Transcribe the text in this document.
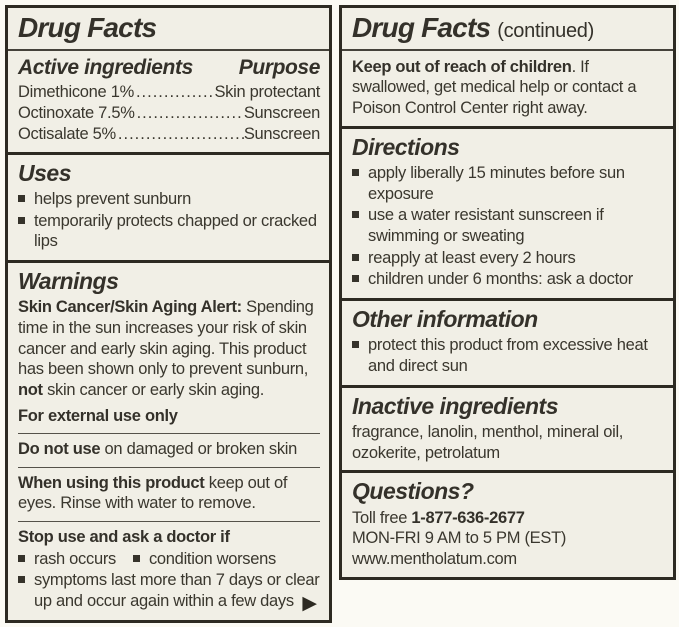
Drug Facts
Active ingredients Purpose
Dimethicone 1% .....	Skin protectant
Octinoxate 7.5% .....	Sunscreen
Octisalate 5% .....	Sunscreen
Uses
helps prevent sunburn
temporarily protects chapped or cracked lips
Warnings

Skin Cancer/Skin Aging Alert: Spending time in the sun increases your risk of skin cancer and early skin aging. This product has been shown only to prevent sunburn, not skin cancer or early skin aging.

For external use only

Do not use on damaged or broken skin

When using this product keep out of eyes. Rinse with water to remove.

Stop use and ask a doctor if

rash occurs condition worsens
symptoms last more than 7 days or clear up and occur again within a few days ▶
Drug Facts (continued)

Keep out of reach of children. If swallowed, get medical help or contact a Poison Control Center right away.

Directions
apply liberally 15 minutes before sun exposure
use a water resistant sunscreen if swimming or sweating
reapply at least every 2 hours
children under 6 months: ask a doctor
Other information
protect this product from excessive heat and direct sun
Inactive ingredients

fragrance, lanolin, menthol, mineral oil, ozokerite, petrolatum

Questions?

Toll free 1-877-636-2677

MON-FRI 9 AM to 5 PM (EST)

www.mentholatum.com
